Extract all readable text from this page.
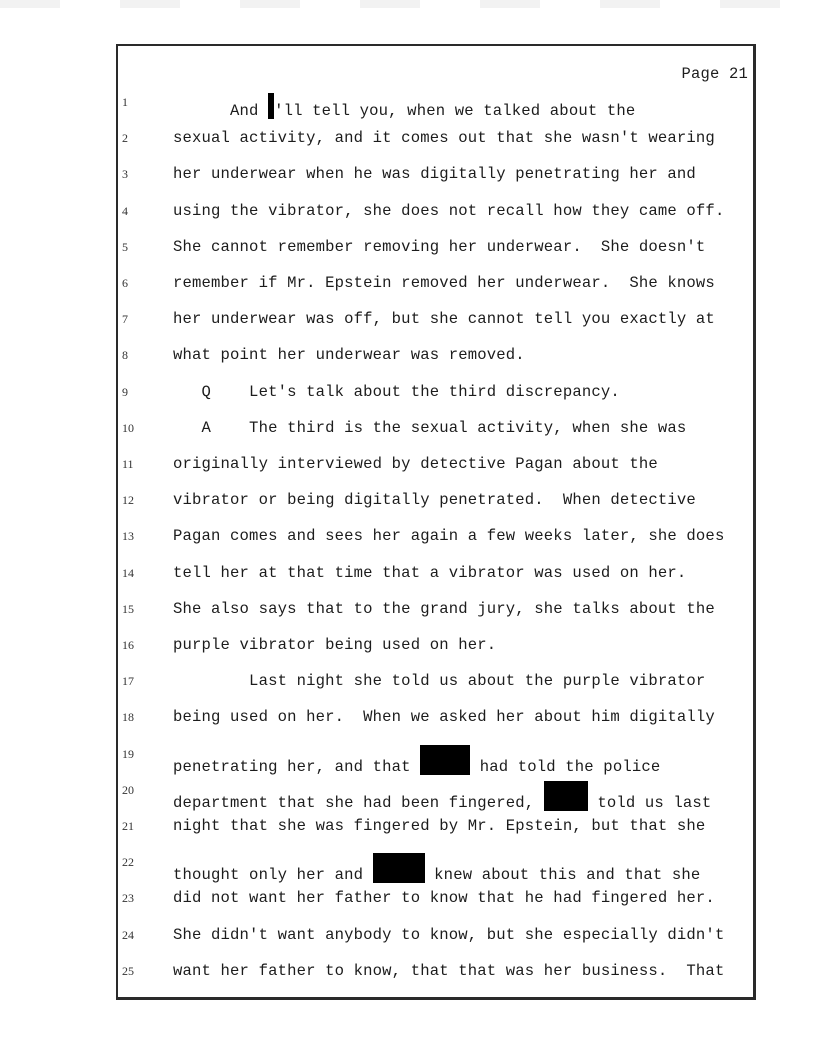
Page 21
1	And 'll tell you, when we talked about the
2	sexual activity, and it comes out that she wasn't wearing
3	her underwear when he was digitally penetrating her and
4	using the vibrator, she does not recall how they came off.
5	She cannot remember removing her underwear.  She doesn't
6	remember if Mr. Epstein removed her underwear.  She knows
7	her underwear was off, but she cannot tell you exactly at
8	what point her underwear was removed.
9	Q    Let's talk about the third discrepancy.
10	A    The third is the sexual activity, when she was
11	originally interviewed by detective Pagan about the
12	vibrator or being digitally penetrated.  When detective
13	Pagan comes and sees her again a few weeks later, she does
14	tell her at that time that a vibrator was used on her.
15	She also says that to the grand jury, she talks about the
16	purple vibrator being used on her.
17	Last night she told us about the purple vibrator
18	being used on her.  When we asked her about him digitally
19
penetrating her, and that	had told the police
20
department that she had been fingered,	told us last
21	night that she was fingered by Mr. Epstein, but that she
22
thought only her and	knew about this and that she
23	did not want her father to know that he had fingered her.
24	She didn't want anybody to know, but she especially didn't
25	want her father to know, that that was her business.  That
